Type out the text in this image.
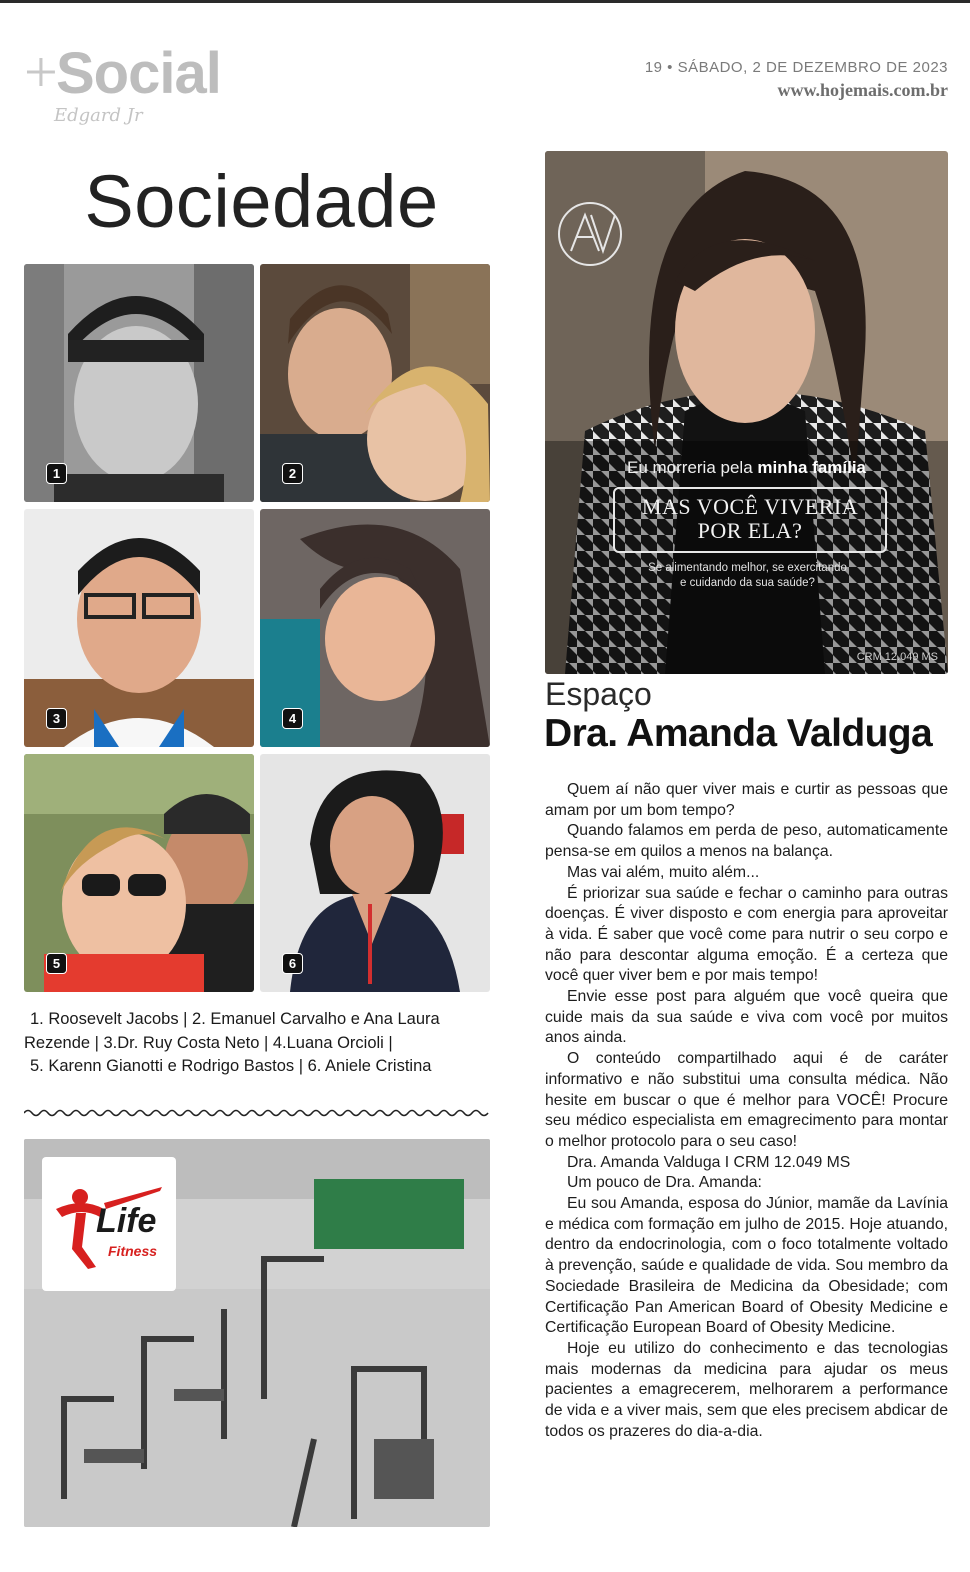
+
Social
Edgard Jr
19 • SÁBADO, 2 DE DEZEMBRO DE 2023
www.hojemais.com.br
Sociedade
1	2
3	4
5	6

1. Roosevelt Jacobs | 2. Emanuel Carvalho e Ana Laura

Rezende | 3.Dr. Ruy Costa Neto | 4.Luana Orcioli |

5. Karenn Gianotti e Rodrigo Bastos | 6. Aniele Cristina

Life
Fitness
Eu morreria pela minha família
MAS VOCÊ VIVERIA
POR ELA?
Se alimentando melhor, se exercitando
e cuidando da sua saúde?
CRM 12.049 MS
Espaço
Dra. Amanda Valduga

Quem aí não quer viver mais e curtir as pessoas que amam por um bom tempo?

Quando falamos em perda de peso, automaticamente pensa-se em quilos a menos na balança.

Mas vai além, muito além...

É priorizar sua saúde e fechar o caminho para outras doenças. É viver disposto e com energia para aproveitar à vida. É saber que você come para nutrir o seu corpo e não para descontar alguma emoção. É a certeza que você quer viver bem e por mais tempo!

Envie esse post para alguém que você queira que cuide mais da sua saúde e viva com você por muitos anos ainda.

O conteúdo compartilhado aqui é de caráter informativo e não substitui uma consulta médica. Não hesite em buscar o que é melhor para VOCÊ! Procure seu médico especialista em emagrecimento para montar o melhor protocolo para o seu caso!

Dra. Amanda Valduga I CRM 12.049 MS

Um pouco de Dra. Amanda:

Eu sou Amanda, esposa do Júnior, mamãe da Lavínia e médica com formação em julho de 2015. Hoje atuando, dentro da endocrinologia, com o foco totalmente voltado à prevenção, saúde e qualidade de vida. Sou membro da Sociedade Brasileira de Medicina da Obesidade; com Certificação Pan American Board of Obesity Medicine e Certificação European Board of Obesity Medicine.

Hoje eu utilizo do conhecimento e das tecnologias mais modernas da medicina para ajudar os meus pacientes a emagrecerem, melhorarem a performance de vida e a viver mais, sem que eles precisem abdicar de todos os prazeres do dia-a-dia.
